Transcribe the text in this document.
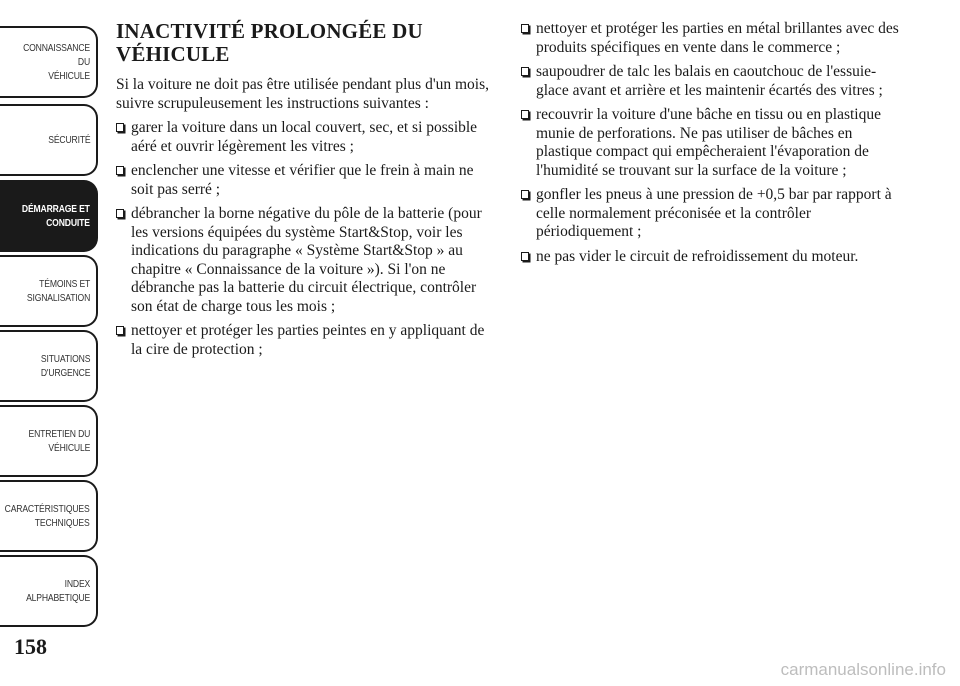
CONNAISSANCE DU
VÉHICULE
SÉCURITÉ
DÉMARRAGE ET
CONDUITE
TÉMOINS ET
SIGNALISATION
SITUATIONS
D'URGENCE
ENTRETIEN DU
VÉHICULE
CARACTÉRISTIQUES
TECHNIQUES
INDEX
ALPHABETIQUE
158
INACTIVITÉ PROLONGÉE DU VÉHICULE

Si la voiture ne doit pas être utilisée pendant plus d'un mois, suivre scrupuleusement les instructions suivantes :

garer la voiture dans un local couvert, sec, et si possible aéré et ouvrir légèrement les vitres ;
enclencher une vitesse et vérifier que le frein à main ne soit pas serré ;
débrancher la borne négative du pôle de la batterie (pour les versions équipées du système Start&Stop, voir les indications du paragraphe « Système Start&Stop » au chapitre « Connaissance de la voiture »). Si l'on ne débranche pas la batterie du circuit électrique, contrôler son état de charge tous les mois ;
nettoyer et protéger les parties peintes en y appliquant de la cire de protection ;
nettoyer et protéger les parties en métal brillantes avec des produits spécifiques en vente dans le commerce ;
saupoudrer de talc les balais en caoutchouc de l'essuie-glace avant et arrière et les maintenir écartés des vitres ;
recouvrir la voiture d'une bâche en tissu ou en plastique munie de perforations. Ne pas utiliser de bâches en plastique compact qui empêcheraient l'évaporation de l'humidité se trouvant sur la surface de la voiture ;
gonfler les pneus à une pression de +0,5 bar par rapport à celle normalement préconisée et la contrôler périodiquement ;
ne pas vider le circuit de refroidissement du moteur.
carmanualsonline.info
